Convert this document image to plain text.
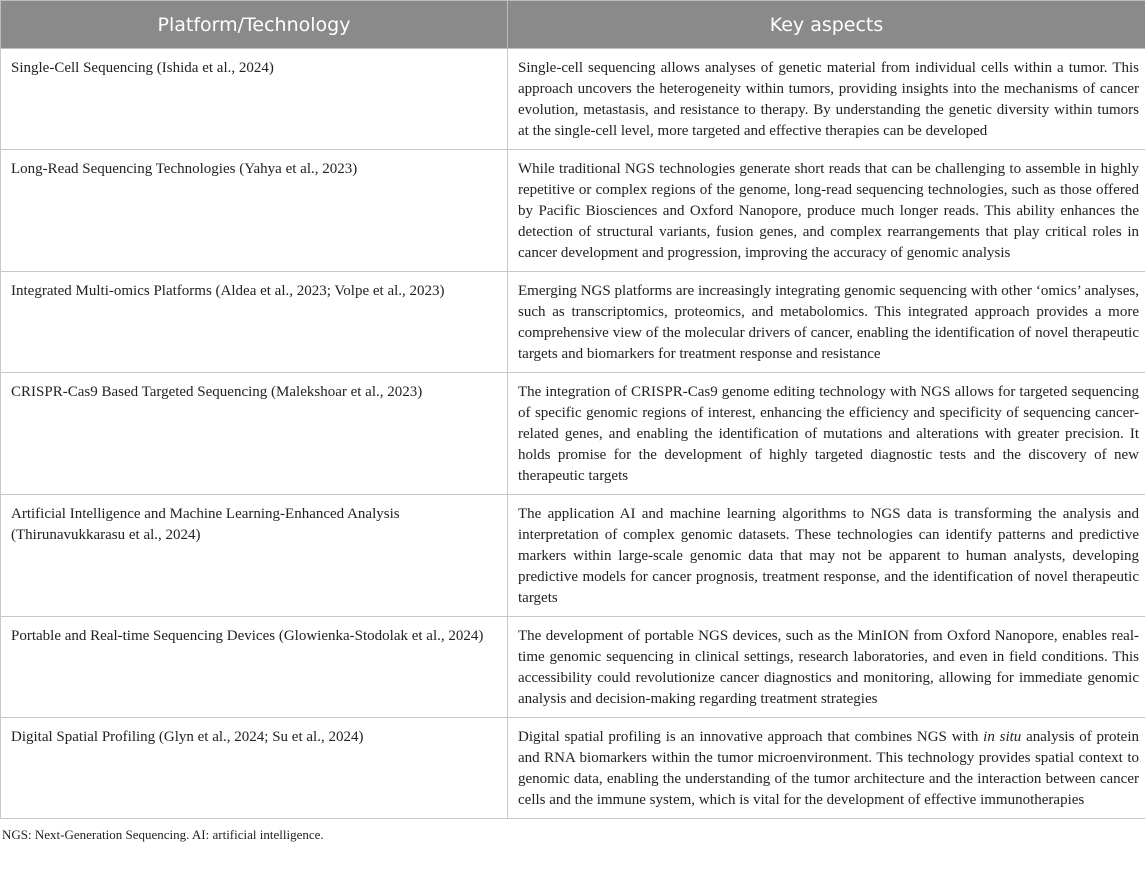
Platform/Technology	Key aspects
Single-Cell Sequencing (Ishida et al., 2024)	Single-cell sequencing allows analyses of genetic material from individual cells within a tumor. This approach uncovers the heterogeneity within tumors, providing insights into the mechanisms of cancer evolution, metastasis, and resistance to therapy. By understanding the genetic diversity within tumors at the single-cell level, more targeted and effective therapies can be developed
Long-Read Sequencing Technologies (Yahya et al., 2023)	While traditional NGS technologies generate short reads that can be challenging to assemble in highly repetitive or complex regions of the genome, long-read sequencing technologies, such as those offered by Pacific Biosciences and Oxford Nanopore, produce much longer reads. This ability enhances the detection of structural variants, fusion genes, and complex rearrangements that play critical roles in cancer development and progression, improving the accuracy of genomic analysis
Integrated Multi-omics Platforms (Aldea et al., 2023; Volpe et al., 2023)	Emerging NGS platforms are increasingly integrating genomic sequencing with other ‘omics’ analyses, such as transcriptomics, proteomics, and metabolomics. This integrated approach provides a more comprehensive view of the molecular drivers of cancer, enabling the identification of novel therapeutic targets and biomarkers for treatment response and resistance
CRISPR-Cas9 Based Targeted Sequencing (Malekshoar et al., 2023)	The integration of CRISPR-Cas9 genome editing technology with NGS allows for targeted sequencing of specific genomic regions of interest, enhancing the efficiency and specificity of sequencing cancer-related genes, and enabling the identification of mutations and alterations with greater precision. It holds promise for the development of highly targeted diagnostic tests and the discovery of new therapeutic targets
Artificial Intelligence and Machine Learning-Enhanced Analysis (Thirunavukkarasu et al., 2024)	The application AI and machine learning algorithms to NGS data is transforming the analysis and interpretation of complex genomic datasets. These technologies can identify patterns and predictive markers within large-scale genomic data that may not be apparent to human analysts, developing predictive models for cancer prognosis, treatment response, and the identification of novel therapeutic targets
Portable and Real-time Sequencing Devices (Glowienka-Stodolak et al., 2024)	The development of portable NGS devices, such as the MinION from Oxford Nanopore, enables real-time genomic sequencing in clinical settings, research laboratories, and even in field conditions. This accessibility could revolutionize cancer diagnostics and monitoring, allowing for immediate genomic analysis and decision-making regarding treatment strategies
Digital Spatial Profiling (Glyn et al., 2024; Su et al., 2024)	Digital spatial profiling is an innovative approach that combines NGS with in situ analysis of protein and RNA biomarkers within the tumor microenvironment. This technology provides spatial context to genomic data, enabling the understanding of the tumor architecture and the interaction between cancer cells and the immune system, which is vital for the development of effective immunotherapies
NGS: Next-Generation Sequencing. AI: artificial intelligence.
